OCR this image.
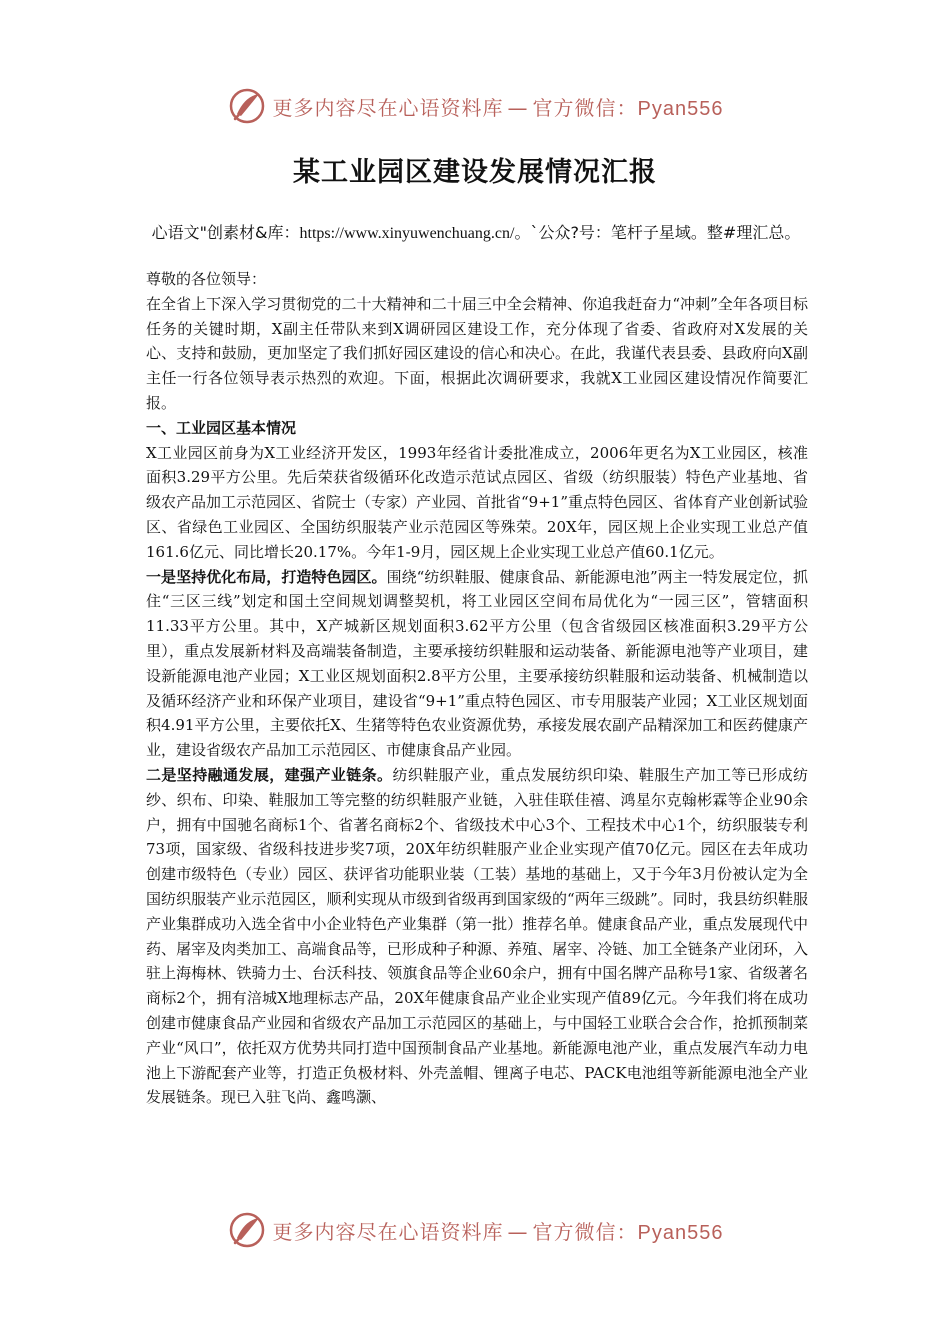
更多内容尽在心语资料库 — 官方微信：Pyan556
某工业园区建设发展情况汇报
心语文"创素材&库：https://www.xinyuwenchuang.cn/。`公众?号：笔杆子星域。整#理汇总。

尊敬的各位领导：

在全省上下深入学习贯彻党的二十大精神和二十届三中全会精神、你追我赶奋力“冲刺”全年各项目标任务的关键时期，X副主任带队来到X调研园区建设工作，充分体现了省委、省政府对X发展的关心、支持和鼓励，更加坚定了我们抓好园区建设的信心和决心。在此，我谨代表县委、县政府向X副主任一行各位领导表示热烈的欢迎。下面，根据此次调研要求，我就X工业园区建设情况作简要汇报。

一、工业园区基本情况

X工业园区前身为X工业经济开发区，1993年经省计委批准成立，2006年更名为X工业园区，核准面积3.29平方公里。先后荣获省级循环化改造示范试点园区、省级（纺织服装）特色产业基地、省级农产品加工示范园区、省院士（专家）产业园、首批省“9+1”重点特色园区、省体育产业创新试验区、省绿色工业园区、全国纺织服装产业示范园区等殊荣。20X年，园区规上企业实现工业总产值161.6亿元、同比增长20.17%。今年1-9月，园区规上企业实现工业总产值60.1亿元。

一是坚持优化布局，打造特色园区。围绕“纺织鞋服、健康食品、新能源电池”两主一特发展定位，抓住“三区三线”划定和国土空间规划调整契机，将工业园区空间布局优化为“一园三区”，管辖面积11.33平方公里。其中，X产城新区规划面积3.62平方公里（包含省级园区核准面积3.29平方公里），重点发展新材料及高端装备制造，主要承接纺织鞋服和运动装备、新能源电池等产业项目，建设新能源电池产业园；X工业区规划面积2.8平方公里，主要承接纺织鞋服和运动装备、机械制造以及循环经济产业和环保产业项目，建设省“9+1”重点特色园区、市专用服装产业园；X工业区规划面积4.91平方公里，主要依托X、生猪等特色农业资源优势，承接发展农副产品精深加工和医药健康产业，建设省级农产品加工示范园区、市健康食品产业园。

二是坚持融通发展，建强产业链条。纺织鞋服产业，重点发展纺织印染、鞋服生产加工等已形成纺纱、织布、印染、鞋服加工等完整的纺织鞋服产业链，入驻佳联佳禧、鸿星尔克翰彬霖等企业90余户，拥有中国驰名商标1个、省著名商标2个、省级技术中心3个、工程技术中心1个，纺织服装专利73项，国家级、省级科技进步奖7项，20X年纺织鞋服产业企业实现产值70亿元。园区在去年成功创建市级特色（专业）园区、获评省功能职业装（工装）基地的基础上，又于今年3月份被认定为全国纺织服装产业示范园区，顺利实现从市级到省级再到国家级的“两年三级跳”。同时，我县纺织鞋服产业集群成功入选全省中小企业特色产业集群（第一批）推荐名单。健康食品产业，重点发展现代中药、屠宰及肉类加工、高端食品等，已形成种子种源、养殖、屠宰、冷链、加工全链条产业闭环，入驻上海梅林、铁骑力士、台沃科技、领旗食品等企业60余户，拥有中国名牌产品称号1家、省级著名商标2个，拥有涪城X地理标志产品，20X年健康食品产业企业实现产值89亿元。今年我们将在成功创建市健康食品产业园和省级农产品加工示范园区的基础上，与中国轻工业联合会合作，抢抓预制菜产业“风口”，依托双方优势共同打造中国预制食品产业基地。新能源电池产业，重点发展汽车动力电池上下游配套产业等，打造正负极材料、外壳盖帽、锂离子电芯、PACK电池组等新能源电池全产业发展链条。现已入驻飞尚、鑫鸣灏、

更多内容尽在心语资料库 — 官方微信：Pyan556
